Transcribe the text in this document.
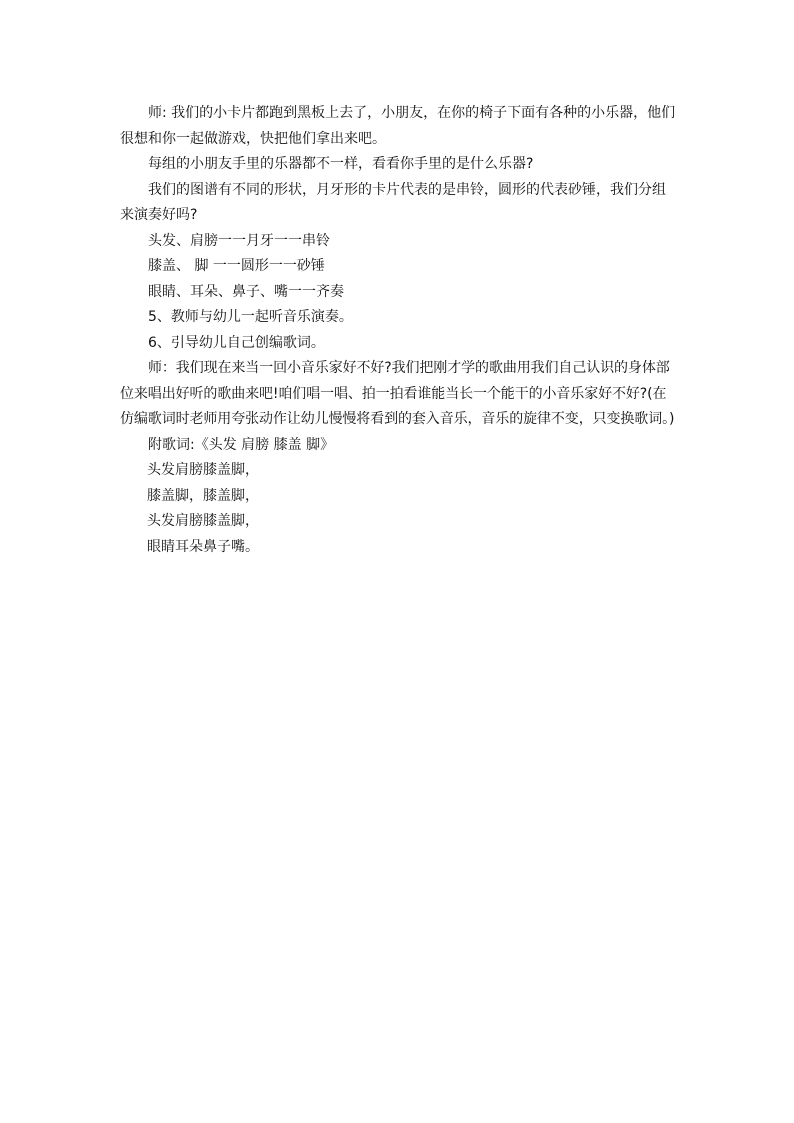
师: 我们的小卡片都跑到黑板上去了，小朋友，在你的椅子下面有各种的小乐器，他们很想和你一起做游戏，快把他们拿出来吧。

每组的小朋友手里的乐器都不一样，看看你手里的是什么乐器?

我们的图谱有不同的形状，月牙形的卡片代表的是串铃，圆形的代表砂锤，我们分组来演奏好吗?

头发、肩膀一一月牙一一串铃

膝盖、 脚 一一圆形一一砂锤

眼睛、耳朵、鼻子、嘴一一齐奏

5、教师与幼儿一起听音乐演奏。

6、引导幼儿自己创编歌词。

师：我们现在来当一回小音乐家好不好?我们把刚才学的歌曲用我们自己认识的身体部位来唱出好听的歌曲来吧!咱们唱一唱、拍一拍看谁能当长一个能干的小音乐家好不好?(在仿编歌词时老师用夸张动作让幼儿慢慢将看到的套入音乐，音乐的旋律不变，只变换歌词。)

附歌词:《头发 肩膀 膝盖 脚》

头发肩膀膝盖脚，

膝盖脚，膝盖脚，

头发肩膀膝盖脚，

眼睛耳朵鼻子嘴。
